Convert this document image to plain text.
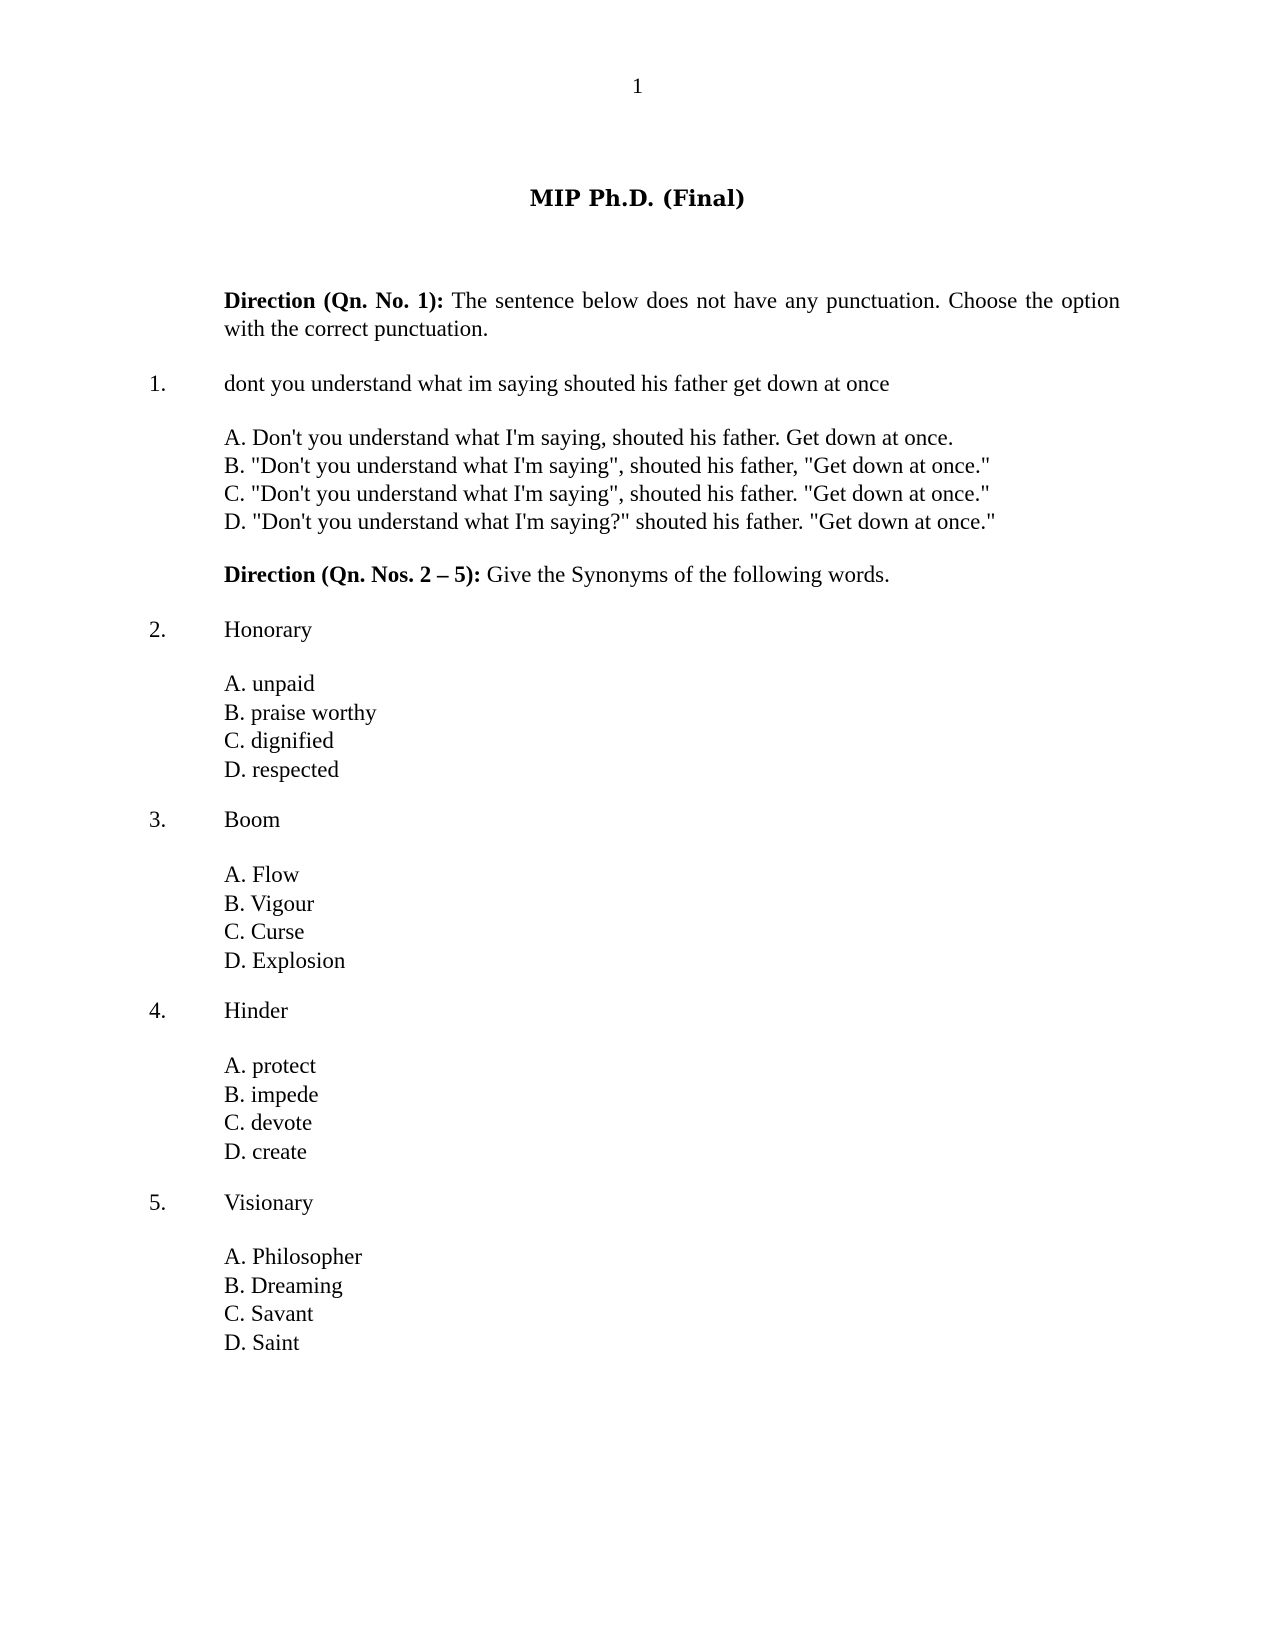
1
MIP Ph.D. (Final)
Direction (Qn. No. 1): The sentence below does not have any punctuation. Choose the option with the correct punctuation.
1.	dont you understand what im saying shouted his father get down at once
A. Don't you understand what I'm saying, shouted his father. Get down at once.
B. "Don't you understand what I'm saying", shouted his father, "Get down at once."
C. "Don't you understand what I'm saying", shouted his father. "Get down at once."
D. "Don't you understand what I'm saying?" shouted his father. "Get down at once."
Direction (Qn. Nos. 2 – 5): Give the Synonyms of the following words.
2.	Honorary
A. unpaid
B. praise worthy
C. dignified
D. respected
3.	Boom
A. Flow
B. Vigour
C. Curse
D. Explosion
4.	Hinder
A. protect
B. impede
C. devote
D. create
5.	Visionary
A. Philosopher
B. Dreaming
C. Savant
D. Saint
